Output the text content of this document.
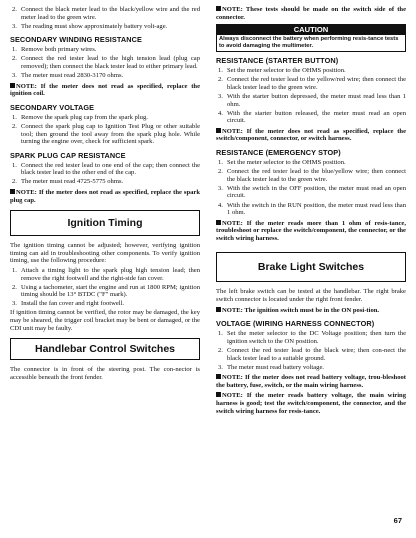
2. Connect the black meter lead to the black/yellow wire and the red meter lead to the green wire.
3. The reading must show approximately battery volt-age.
SECONDARY WINDING RESISTANCE
1. Remove both primary wires.
2. Connect the red tester lead to the high tension lead (plug cap removed); then connect the black tester lead to either primary lead.
3. The meter must read 2830-3170 ohms.

NOTE: If the meter does not read as specified, replace the ignition coil.

SECONDARY VOLTAGE
1. Remove the spark plug cap from the spark plug.
2. Connect the spark plug cap to Ignition Test Plug or other suitable tool; then ground the tool away from the spark plug hole. While turning the engine over, check for sufficient spark.
SPARK PLUG CAP RESISTANCE
1. Connect the red tester lead to one end of the cap; then connect the black tester lead to the other end of the cap.
2. The meter must read 4725-5775 ohms.

NOTE: If the meter does not read as specified, replace the spark plug cap.

Ignition Timing

The ignition timing cannot be adjusted; however, verifying ignition timing can aid in troubleshooting other components. To verify ignition timing, use the following procedure:

1. Attach a timing light to the spark plug high tension lead; then remove the right footwell and the right-side fan cover.
2. Using a tachometer, start the engine and run at 1800 RPM; ignition timing should be 13° BTDC ("F" mark).
3. Install the fan cover and right footwell.

If ignition timing cannot be verified, the rotor may be damaged, the key may be sheared, the trigger coil bracket may be bent or damaged, or the CDI unit may be faulty.

Handlebar Control Switches

The connector is in front of the steering post. The con-nector is accessible beneath the front fender.

NOTE: These tests should be made on the switch side of the connector.

CAUTION
Always disconnect the battery when performing resis-tance tests to avoid damaging the multimeter.
RESISTANCE (STARTER BUTTON)
1. Set the meter selector to the OHMS position.
2. Connect the red tester lead to the yellow/red wire; then connect the black tester lead to the green wire.
3. With the starter button depressed, the meter must read less than 1 ohm.
4. With the starter button released, the meter must read an open circuit.

NOTE: If the meter does not read as specified, replace the switch/component, connector, or switch harness.

RESISTANCE (EMERGENCY STOP)
1. Set the meter selector to the OHMS position.
2. Connect the red tester lead to the blue/yellow wire; then connect the black tester lead to the green wire.
3. With the switch in the OFF position, the meter must read an open circuit.
4. With the switch in the RUN position, the meter must read less than 1 ohm.

NOTE: If the meter reads more than 1 ohm of resis-tance, troubleshoot or replace the switch/component, the connector, or the switch wiring harness.

Brake Light Switches

The left brake switch can be tested at the handlebar. The right brake switch connector is located under the right front fender.

NOTE: The ignition switch must be in the ON posi-tion.

VOLTAGE (WIRING HARNESS CONNECTOR)
1. Set the meter selector to the DC Voltage position; then turn the ignition switch to the ON position.
2. Connect the red tester lead to the black wire; then con-nect the black tester lead to a suitable ground.
3. The meter must read battery voltage.

NOTE: If the meter does not read battery voltage, trou-bleshoot the battery, fuse, switch, or the main wiring harness.

NOTE: If the meter reads battery voltage, the main wiring harness is good; test the switch/component, the connector, and the switch wiring harness for resis-tance.

67
